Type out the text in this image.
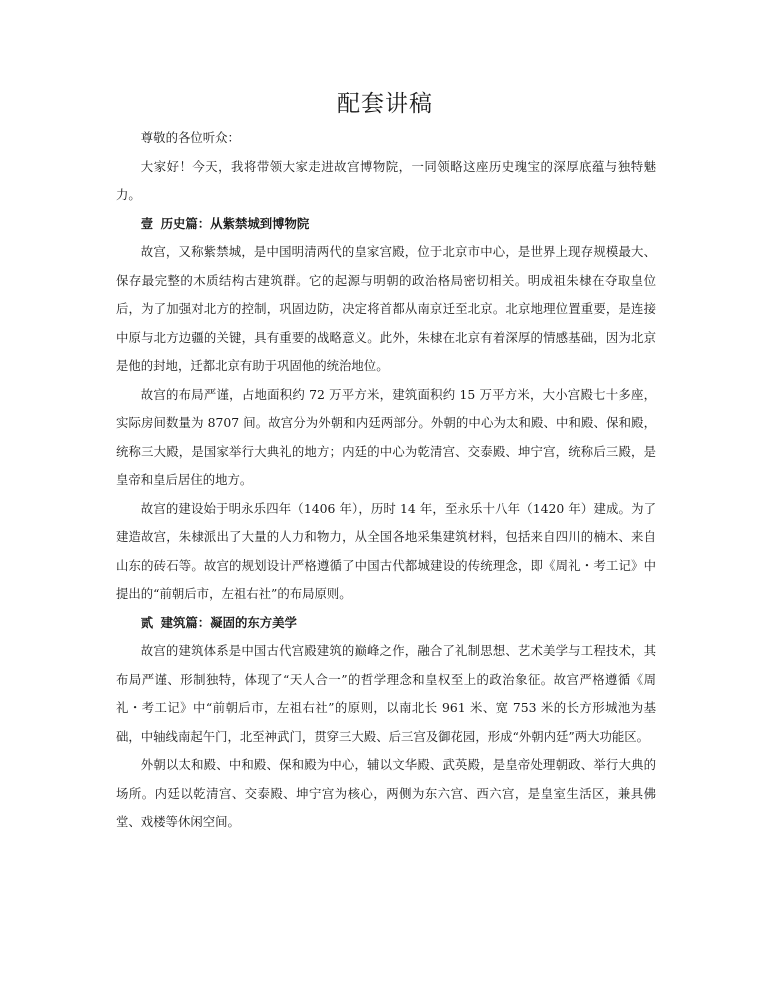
配套讲稿

尊敬的各位听众：

大家好！今天，我将带领大家走进故宫博物院，一同领略这座历史瑰宝的深厚底蕴与独特魅力。

壹 历史篇：从紫禁城到博物院

故宫，又称紫禁城，是中国明清两代的皇家宫殿，位于北京市中心，是世界上现存规模最大、保存最完整的木质结构古建筑群。它的起源与明朝的政治格局密切相关。明成祖朱棣在夺取皇位后，为了加强对北方的控制，巩固边防，决定将首都从南京迁至北京。北京地理位置重要，是连接中原与北方边疆的关键，具有重要的战略意义。此外，朱棣在北京有着深厚的情感基础，因为北京是他的封地，迁都北京有助于巩固他的统治地位。

故宫的布局严谨，占地面积约 72 万平方米，建筑面积约 15 万平方米，大小宫殿七十多座，实际房间数量为 8707 间。故宫分为外朝和内廷两部分。外朝的中心为太和殿、中和殿、保和殿，统称三大殿，是国家举行大典礼的地方；内廷的中心为乾清宫、交泰殿、坤宁宫，统称后三殿，是皇帝和皇后居住的地方。

故宫的建设始于明永乐四年（1406 年），历时 14 年，至永乐十八年（1420 年）建成。为了建造故宫，朱棣派出了大量的人力和物力，从全国各地采集建筑材料，包括来自四川的楠木、来自山东的砖石等。故宫的规划设计严格遵循了中国古代都城建设的传统理念，即《周礼・考工记》中提出的“前朝后市，左祖右社”的布局原则。

贰 建筑篇：凝固的东方美学

故宫的建筑体系是中国古代宫殿建筑的巅峰之作，融合了礼制思想、艺术美学与工程技术，其布局严谨、形制独特，体现了“天人合一”的哲学理念和皇权至上的政治象征。故宫严格遵循《周礼・考工记》中“前朝后市，左祖右社”的原则，以南北长 961 米、宽 753 米的长方形城池为基础，中轴线南起午门，北至神武门，贯穿三大殿、后三宫及御花园，形成“外朝内廷”两大功能区。

外朝以太和殿、中和殿、保和殿为中心，辅以文华殿、武英殿，是皇帝处理朝政、举行大典的场所。内廷以乾清宫、交泰殿、坤宁宫为核心，两侧为东六宫、西六宫，是皇室生活区，兼具佛堂、戏楼等休闲空间。
